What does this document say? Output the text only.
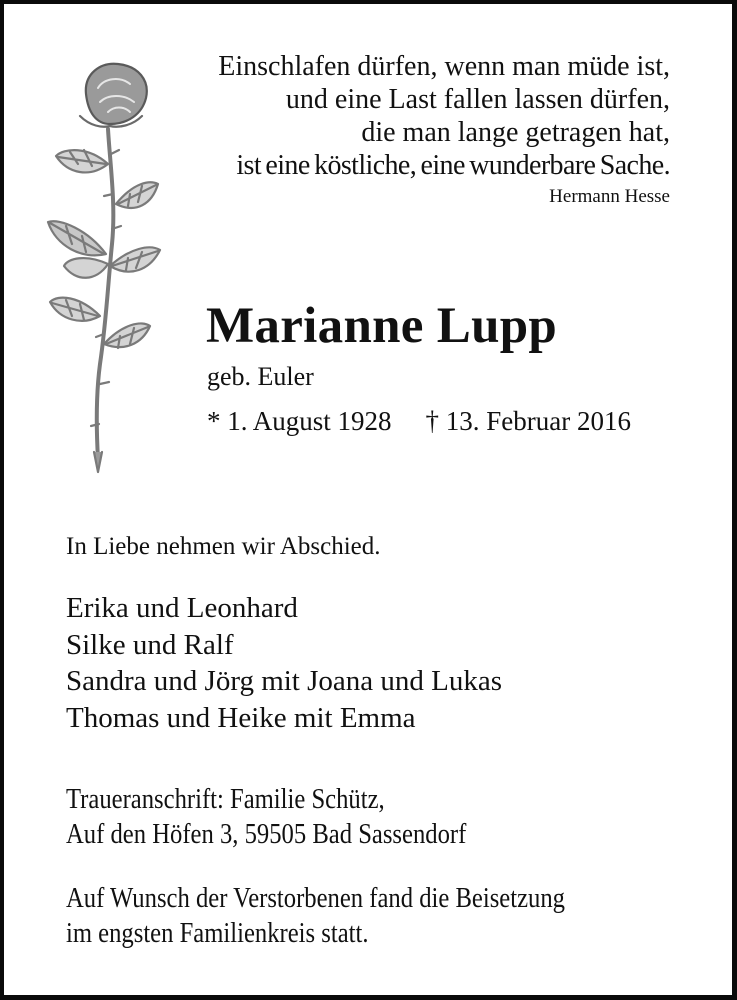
Einschlafen dürfen, wenn man müde ist,
und eine Last fallen lassen dürfen,
die man lange getragen hat,
ist eine köstliche, eine wunderbare Sache.
Hermann Hesse
Marianne Lupp
geb. Euler
* 1. August 1928 † 13. Februar 2016
In Liebe nehmen wir Abschied.
Erika und Leonhard
Silke und Ralf
Sandra und Jörg mit Joana und Lukas
Thomas und Heike mit Emma
Traueranschrift: Familie Schütz,
Auf den Höfen 3, 59505 Bad Sassendorf
Auf Wunsch der Verstorbenen fand die Beisetzung
im engsten Familienkreis statt.
